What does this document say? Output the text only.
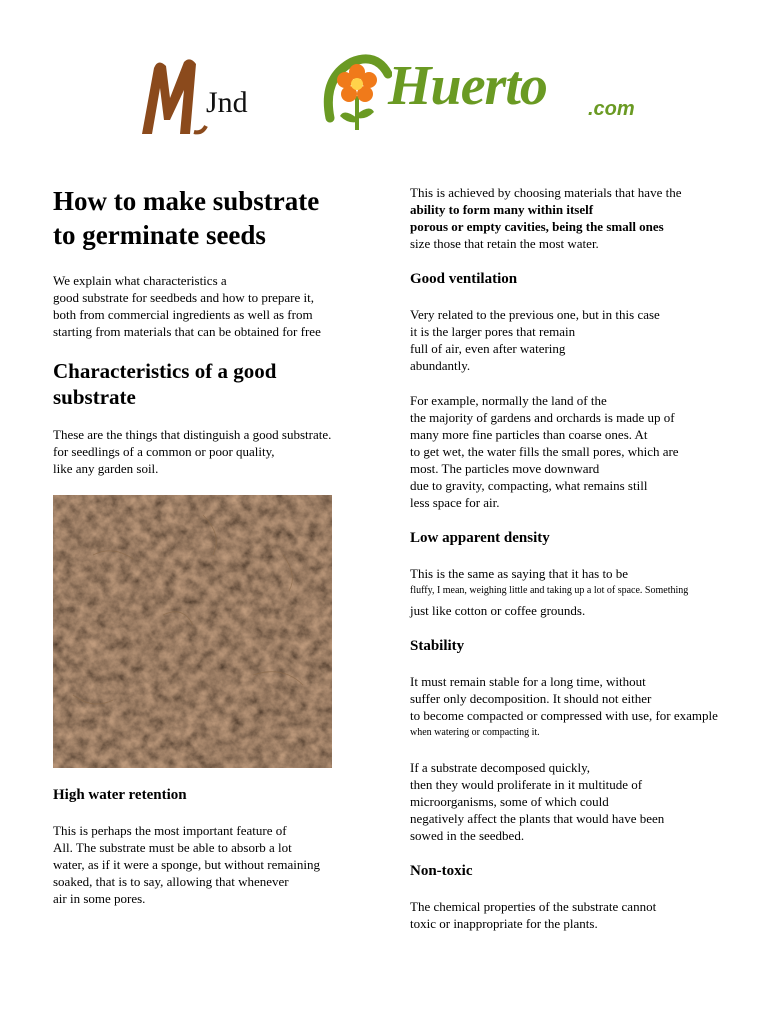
Jnd	Huerto .com
How to make substrate
to germinate seeds
We explain what characteristics a
good substrate for seedbeds and how to prepare it,
both from commercial ingredients as well as from
starting from materials that can be obtained for free
Characteristics of a good
substrate
These are the things that distinguish a good substrate.
for seedlings of a common or poor quality,
like any garden soil.
High water retention
This is perhaps the most important feature of
All. The substrate must be able to absorb a lot
water, as if it were a sponge, but without remaining
soaked, that is to say, allowing that whenever
air in some pores.
This is achieved by choosing materials that have the
ability to form many within itself
porous or empty cavities, being the small ones
size those that retain the most water.
Good ventilation
Very related to the previous one, but in this case
it is the larger pores that remain
full of air, even after watering
abundantly.
For example, normally the land of the
the majority of gardens and orchards is made up of
many more fine particles than coarse ones. At
to get wet, the water fills the small pores, which are
most. The particles move downward
due to gravity, compacting, what remains still
less space for air.
Low apparent density
This is the same as saying that it has to be
fluffy, I mean, weighing little and taking up a lot of space. Something
just like cotton or coffee grounds.
Stability
It must remain stable for a long time, without
suffer only decomposition. It should not either
to become compacted or compressed with use, for example
when watering or compacting it.
If a substrate decomposed quickly,
then they would proliferate in it multitude of
microorganisms, some of which could
negatively affect the plants that would have been
sowed in the seedbed.
Non-toxic
The chemical properties of the substrate cannot
toxic or inappropriate for the plants.
